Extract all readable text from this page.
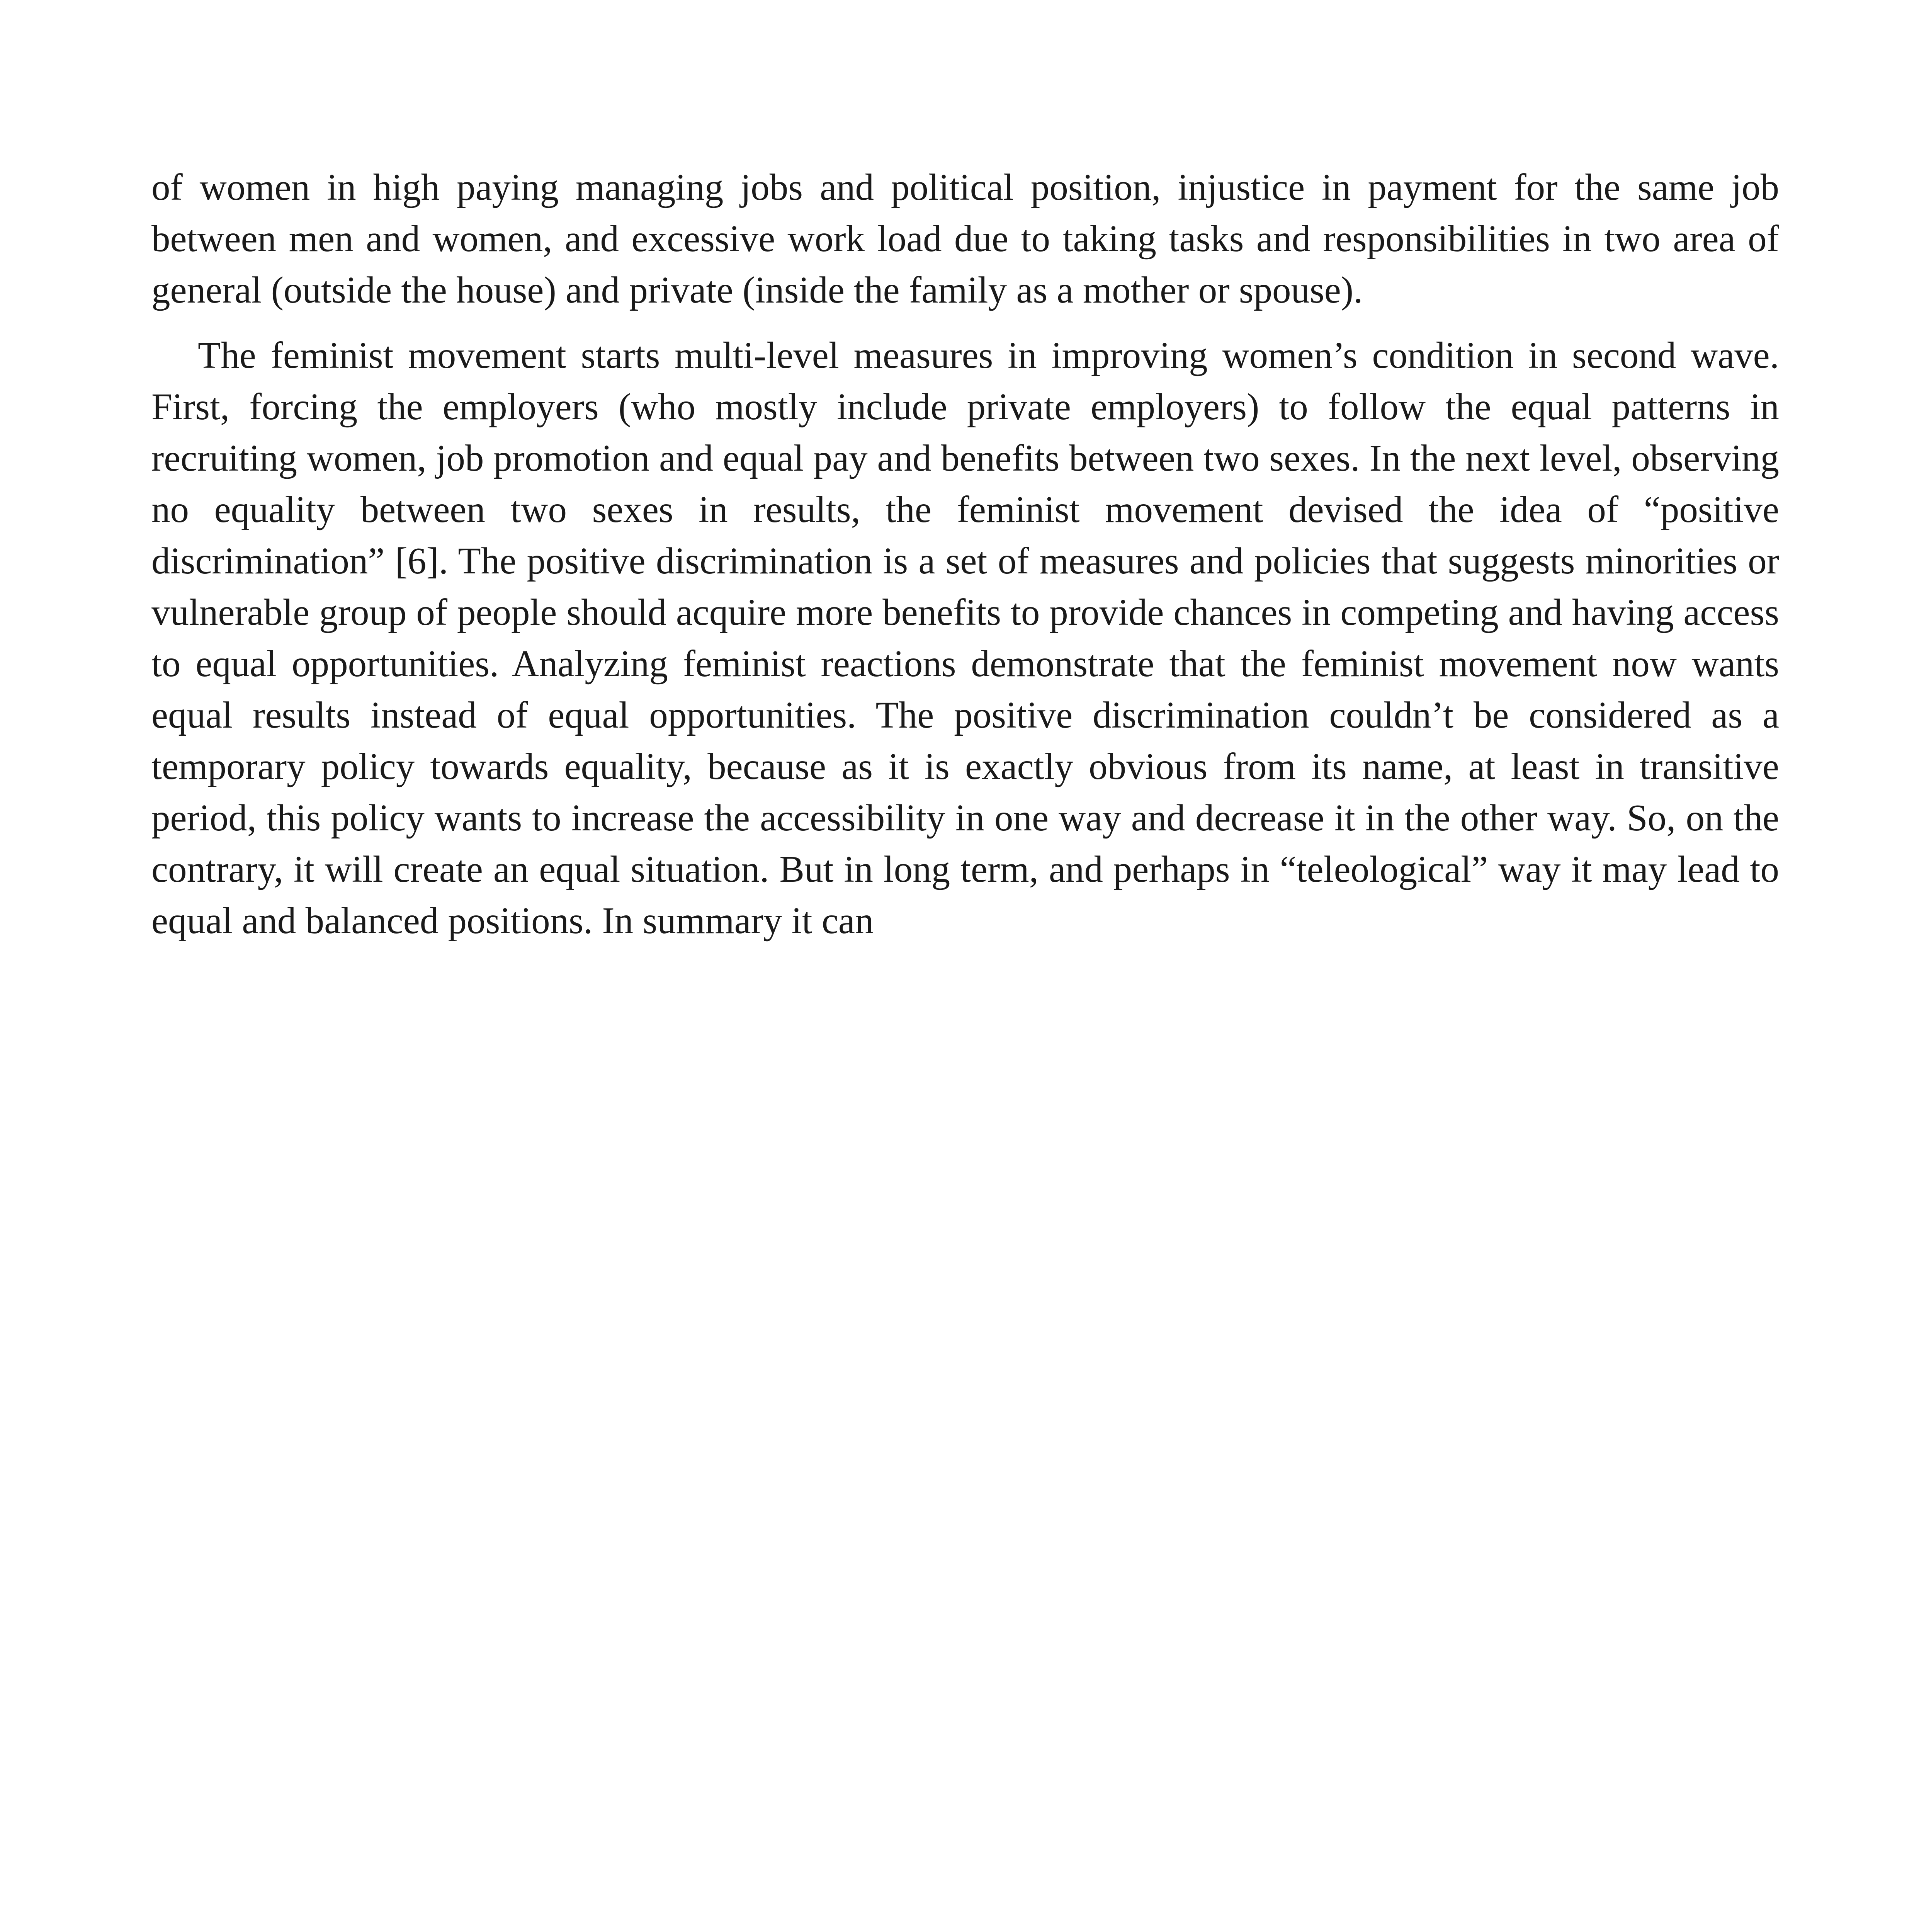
of women in high paying managing jobs and political position, injustice in payment for the same job between men and women, and excessive work load due to taking tasks and responsibilities in two area of general (outside the house) and private (inside the family as a mother or spouse).

The feminist movement starts multi-level measures in improving women’s condition in second wave. First, forcing the employers (who mostly include private employers) to follow the equal patterns in recruiting women, job promotion and equal pay and benefits between two sexes. In the next level, observing no equality between two sexes in results, the feminist movement devised the idea of “positive discrimination” [6]. The positive discrimination is a set of measures and policies that suggests minorities or vulnerable group of people should acquire more benefits to provide chances in competing and having access to equal opportunities. Analyzing feminist reactions demonstrate that the feminist movement now wants equal results instead of equal opportunities. The positive discrimination couldn’t be considered as a temporary policy towards equality, because as it is exactly obvious from its name, at least in transitive period, this policy wants to increase the accessibility in one way and decrease it in the other way. So, on the contrary, it will create an equal situation. But in long term, and perhaps in “teleological” way it may lead to equal and balanced positions. In summary it can
